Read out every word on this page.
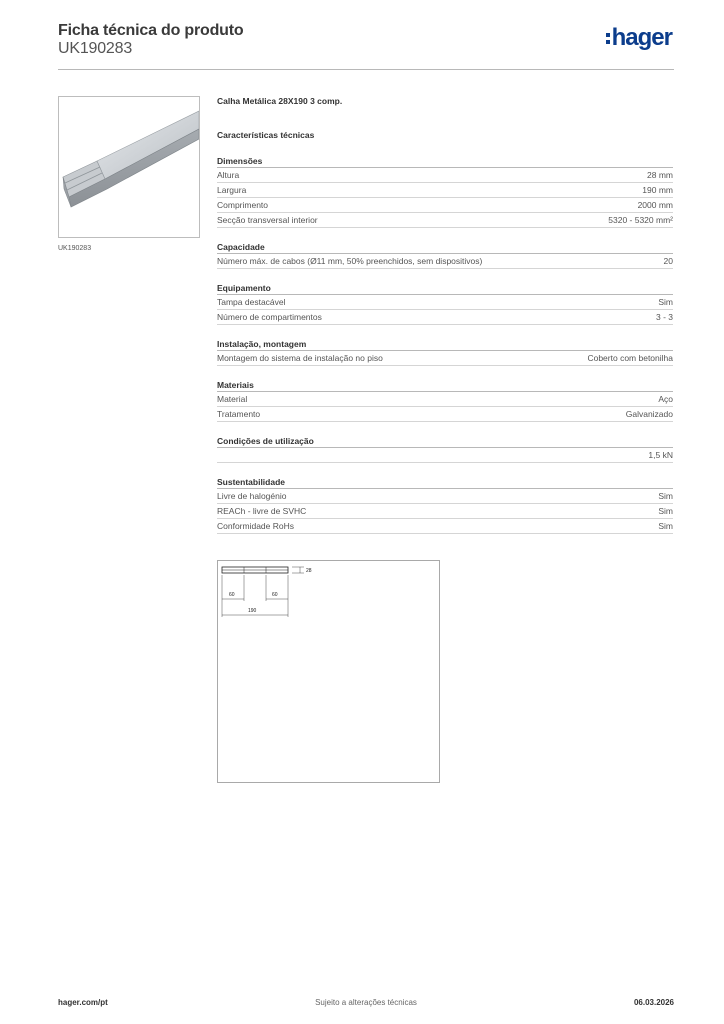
Ficha técnica do produto
UK190283	hager
UK190283
Calha Metálica 28X190 3 comp.
Características técnicas
Dimensões
Altura	28 mm
Largura	190 mm
Comprimento	2000 mm
Secção transversal interior	5320 - 5320 mm²
Capacidade
Número máx. de cabos (Ø11 mm, 50% preenchidos, sem dispositivos)	20
Equipamento
Tampa destacável	Sim
Número de compartimentos	3 - 3
Instalação, montagem
Montagem do sistema de instalação no piso	Coberto com betonilha
Materiais
Material	Aço
Tratamento	Galvanizado
Condições de utilização
1,5 kN
Sustentabilidade
Livre de halogénio	Sim
REACh - livre de SVHC	Sim
Conformidade RoHs	Sim
28
60	60
190
hager.com/pt	Sujeito a alterações técnicas	06.03.2026
